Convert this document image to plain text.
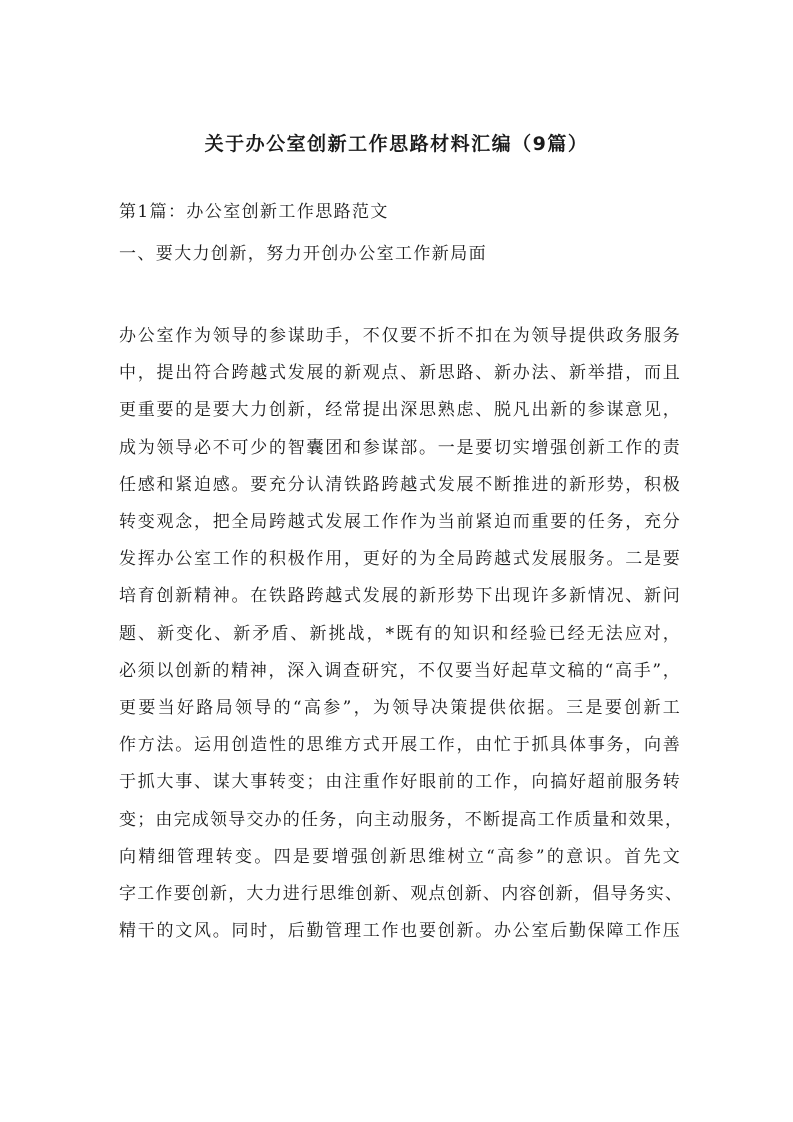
关于办公室创新工作思路材料汇编（9篇）

第1篇：办公室创新工作思路范文

一、要大力创新，努力开创办公室工作新局面

办公室作为领导的参谋助手，不仅要不折不扣在为领导提供政务服务
中，提出符合跨越式发展的新观点、新思路、新办法、新举措，而且
更重要的是要大力创新，经常提出深思熟虑、脱凡出新的参谋意见，
成为领导必不可少的智囊团和参谋部。一是要切实增强创新工作的责
任感和紧迫感。要充分认清铁路跨越式发展不断推进的新形势，积极
转变观念，把全局跨越式发展工作作为当前紧迫而重要的任务，充分
发挥办公室工作的积极作用，更好的为全局跨越式发展服务。二是要
培育创新精神。在铁路跨越式发展的新形势下出现许多新情况、新问
题、新变化、新矛盾、新挑战，*既有的知识和经验已经无法应对，
必须以创新的精神，深入调查研究，不仅要当好起草文稿的“高手”，
更要当好路局领导的“高参”，为领导决策提供依据。三是要创新工
作方法。运用创造性的思维方式开展工作，由忙于抓具体事务，向善
于抓大事、谋大事转变；由注重作好眼前的工作，向搞好超前服务转
变；由完成领导交办的任务，向主动服务，不断提高工作质量和效果，
向精细管理转变。四是要增强创新思维树立“高参”的意识。首先文
字工作要创新，大力进行思维创新、观点创新、内容创新，倡导务实、
精干的文风。同时，后勤管理工作也要创新。办公室后勤保障工作压
